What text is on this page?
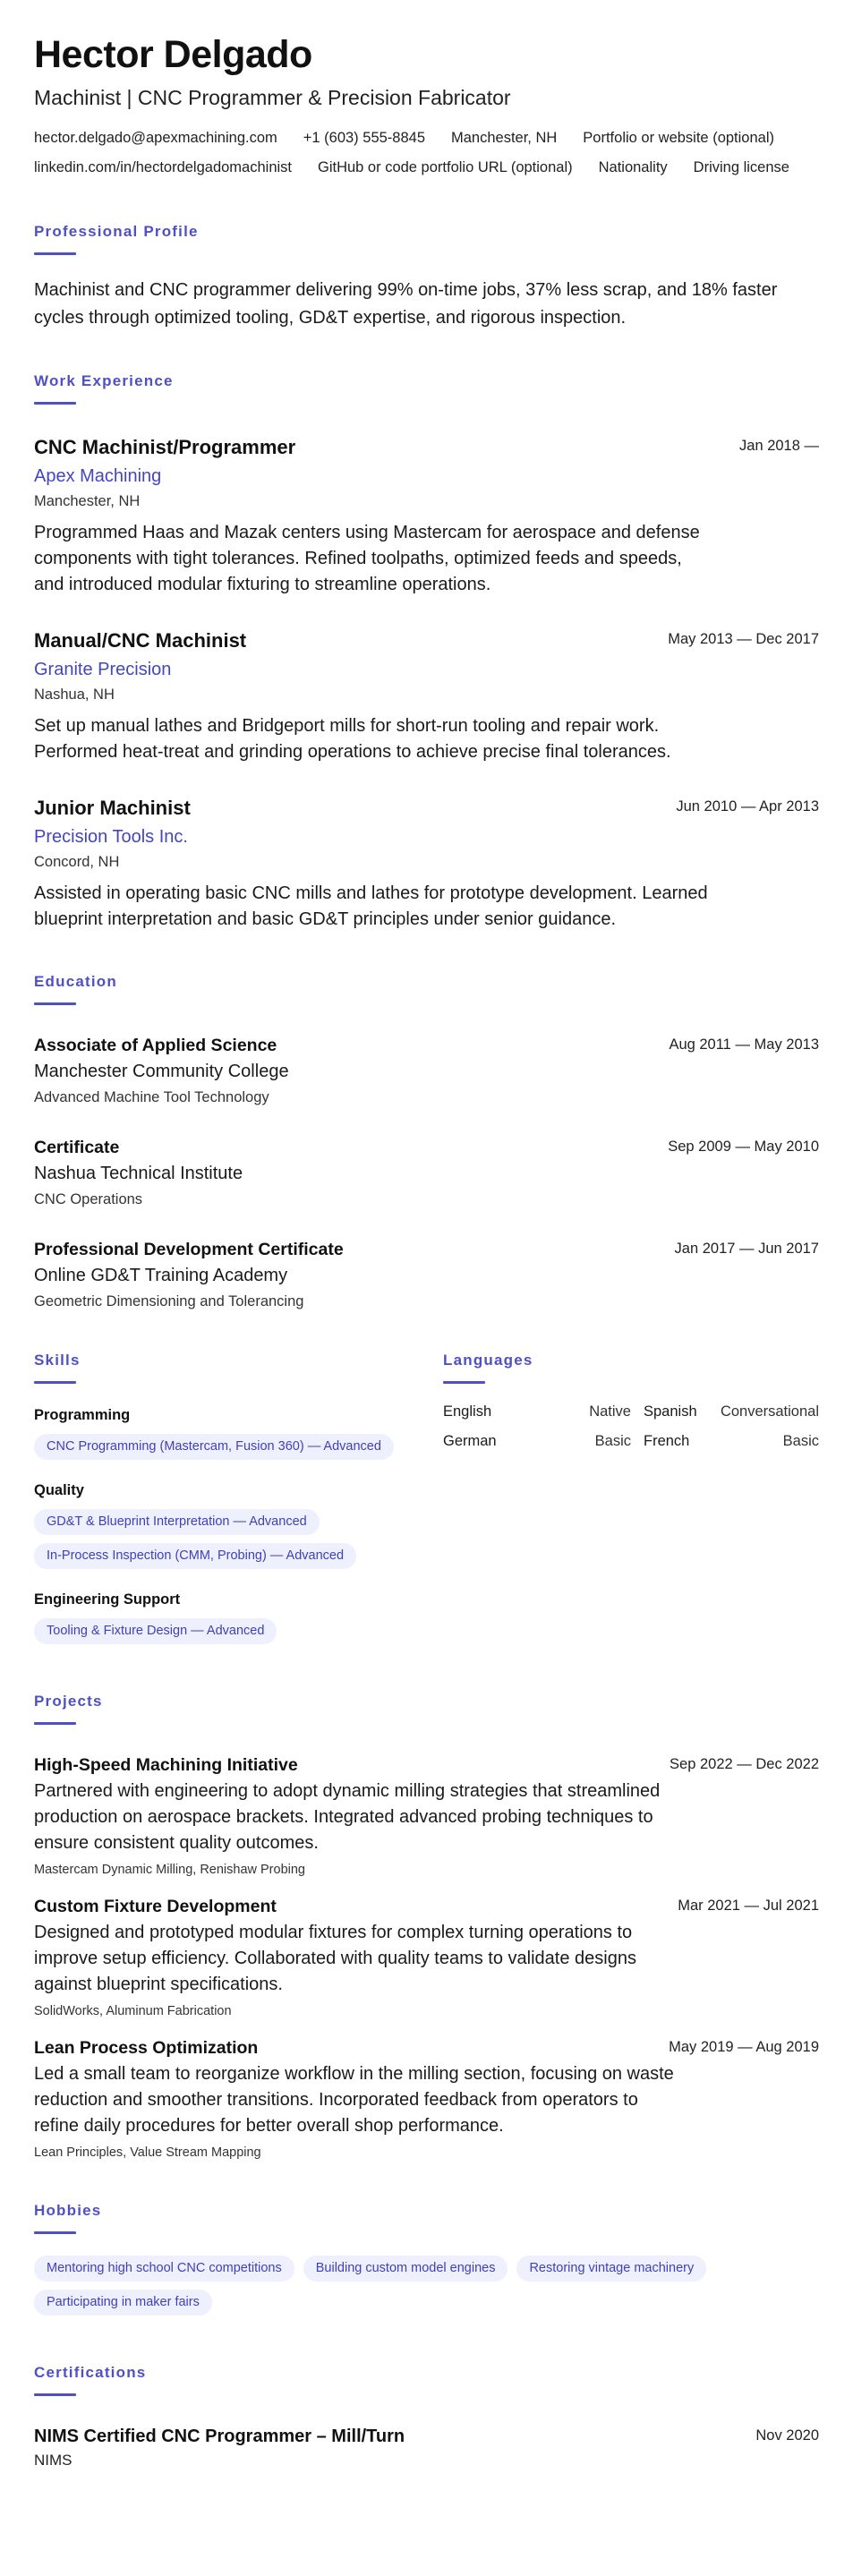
Hector Delgado
Machinist | CNC Programmer & Precision Fabricator
hector.delgado@apexmachining.com +1 (603) 555-8845 Manchester, NH Portfolio or website (optional)
linkedin.com/in/hectordelgadomachinist GitHub or code portfolio URL (optional) Nationality Driving license
Professional Profile
Machinist and CNC programmer delivering 99% on-time jobs, 37% less scrap, and 18% faster cycles through optimized tooling, GD&T expertise, and rigorous inspection.
Work Experience
CNC Machinist/Programmer	Jan 2018 —
Apex Machining
Manchester, NH
Programmed Haas and Mazak centers using Mastercam for aerospace and defense components with tight tolerances. Refined toolpaths, optimized feeds and speeds, and introduced modular fixturing to streamline operations.
Manual/CNC Machinist	May 2013 — Dec 2017
Granite Precision
Nashua, NH
Set up manual lathes and Bridgeport mills for short-run tooling and repair work. Performed heat-treat and grinding operations to achieve precise final tolerances.
Junior Machinist	Jun 2010 — Apr 2013
Precision Tools Inc.
Concord, NH
Assisted in operating basic CNC mills and lathes for prototype development. Learned blueprint interpretation and basic GD&T principles under senior guidance.
Education
Associate of Applied Science	Aug 2011 — May 2013
Manchester Community College
Advanced Machine Tool Technology
Certificate	Sep 2009 — May 2010
Nashua Technical Institute
CNC Operations
Professional Development Certificate	Jan 2017 — Jun 2017
Online GD&T Training Academy
Geometric Dimensioning and Tolerancing
Skills
Programming
CNC Programming (Mastercam, Fusion 360) — Advanced
Quality
GD&T & Blueprint Interpretation — Advanced
In-Process Inspection (CMM, Probing) — Advanced
Engineering Support
Tooling & Fixture Design — Advanced
Languages
English	Native Spanish	Conversational
German	Basic French	Basic
Projects
High-Speed Machining Initiative	Sep 2022 — Dec 2022
Partnered with engineering to adopt dynamic milling strategies that streamlined production on aerospace brackets. Integrated advanced probing techniques to ensure consistent quality outcomes.
Mastercam Dynamic Milling, Renishaw Probing
Custom Fixture Development	Mar 2021 — Jul 2021
Designed and prototyped modular fixtures for complex turning operations to improve setup efficiency. Collaborated with quality teams to validate designs against blueprint specifications.
SolidWorks, Aluminum Fabrication
Lean Process Optimization	May 2019 — Aug 2019
Led a small team to reorganize workflow in the milling section, focusing on waste reduction and smoother transitions. Incorporated feedback from operators to refine daily procedures for better overall shop performance.
Lean Principles, Value Stream Mapping
Hobbies
Mentoring high school CNC competitions	Building custom model engines	Restoring vintage machinery
Participating in maker fairs
Certifications
NIMS Certified CNC Programmer – Mill/Turn	Nov 2020
NIMS
